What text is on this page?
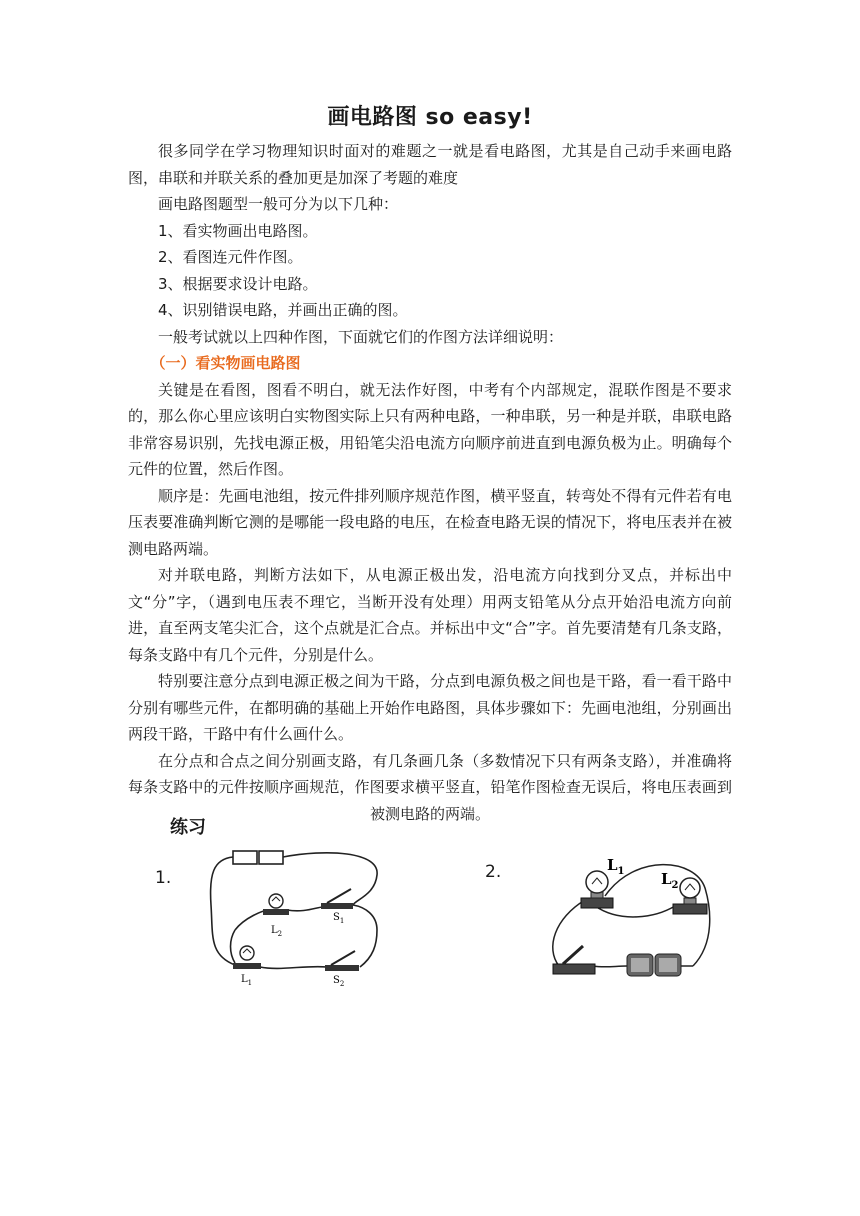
画电路图 so easy!

很多同学在学习物理知识时面对的难题之一就是看电路图，尤其是自己动手来画电路图，串联和并联关系的叠加更是加深了考题的难度

画电路图题型一般可分为以下几种：

1、看实物画出电路图。

2、看图连元件作图。

3、根据要求设计电路。

4、识别错误电路，并画出正确的图。

一般考试就以上四种作图，下面就它们的作图方法详细说明：

（一）看实物画电路图

关键是在看图，图看不明白，就无法作好图，中考有个内部规定，混联作图是不要求的，那么你心里应该明白实物图实际上只有两种电路，一种串联，另一种是并联，串联电路非常容易识别，先找电源正极，用铅笔尖沿电流方向顺序前进直到电源负极为止。明确每个元件的位置，然后作图。

顺序是：先画电池组，按元件排列顺序规范作图，横平竖直，转弯处不得有元件若有电压表要准确判断它测的是哪能一段电路的电压，在检查电路无误的情况下，将电压表并在被测电路两端。

对并联电路，判断方法如下，从电源正极出发，沿电流方向找到分叉点，并标出中文“分”字，（遇到电压表不理它，当断开没有处理）用两支铅笔从分点开始沿电流方向前进，直至两支笔尖汇合，这个点就是汇合点。并标出中文“合”字。首先要清楚有几条支路，每条支路中有几个元件，分别是什么。

特别要注意分点到电源正极之间为干路，分点到电源负极之间也是干路，看一看干路中分别有哪些元件，在都明确的基础上开始作电路图，具体步骤如下：先画电池组，分别画出两段干路，干路中有什么画什么。

在分点和合点之间分别画支路，有几条画几条（多数情况下只有两条支路），并准确将每条支路中的元件按顺序画规范，作图要求横平竖直，铅笔作图检查无误后，将电压表画到被测电路的两端。

练习
1.	2.
$L_2$
$S_1$
$L_1$	$S_2$
$L_1$ $L_2$
